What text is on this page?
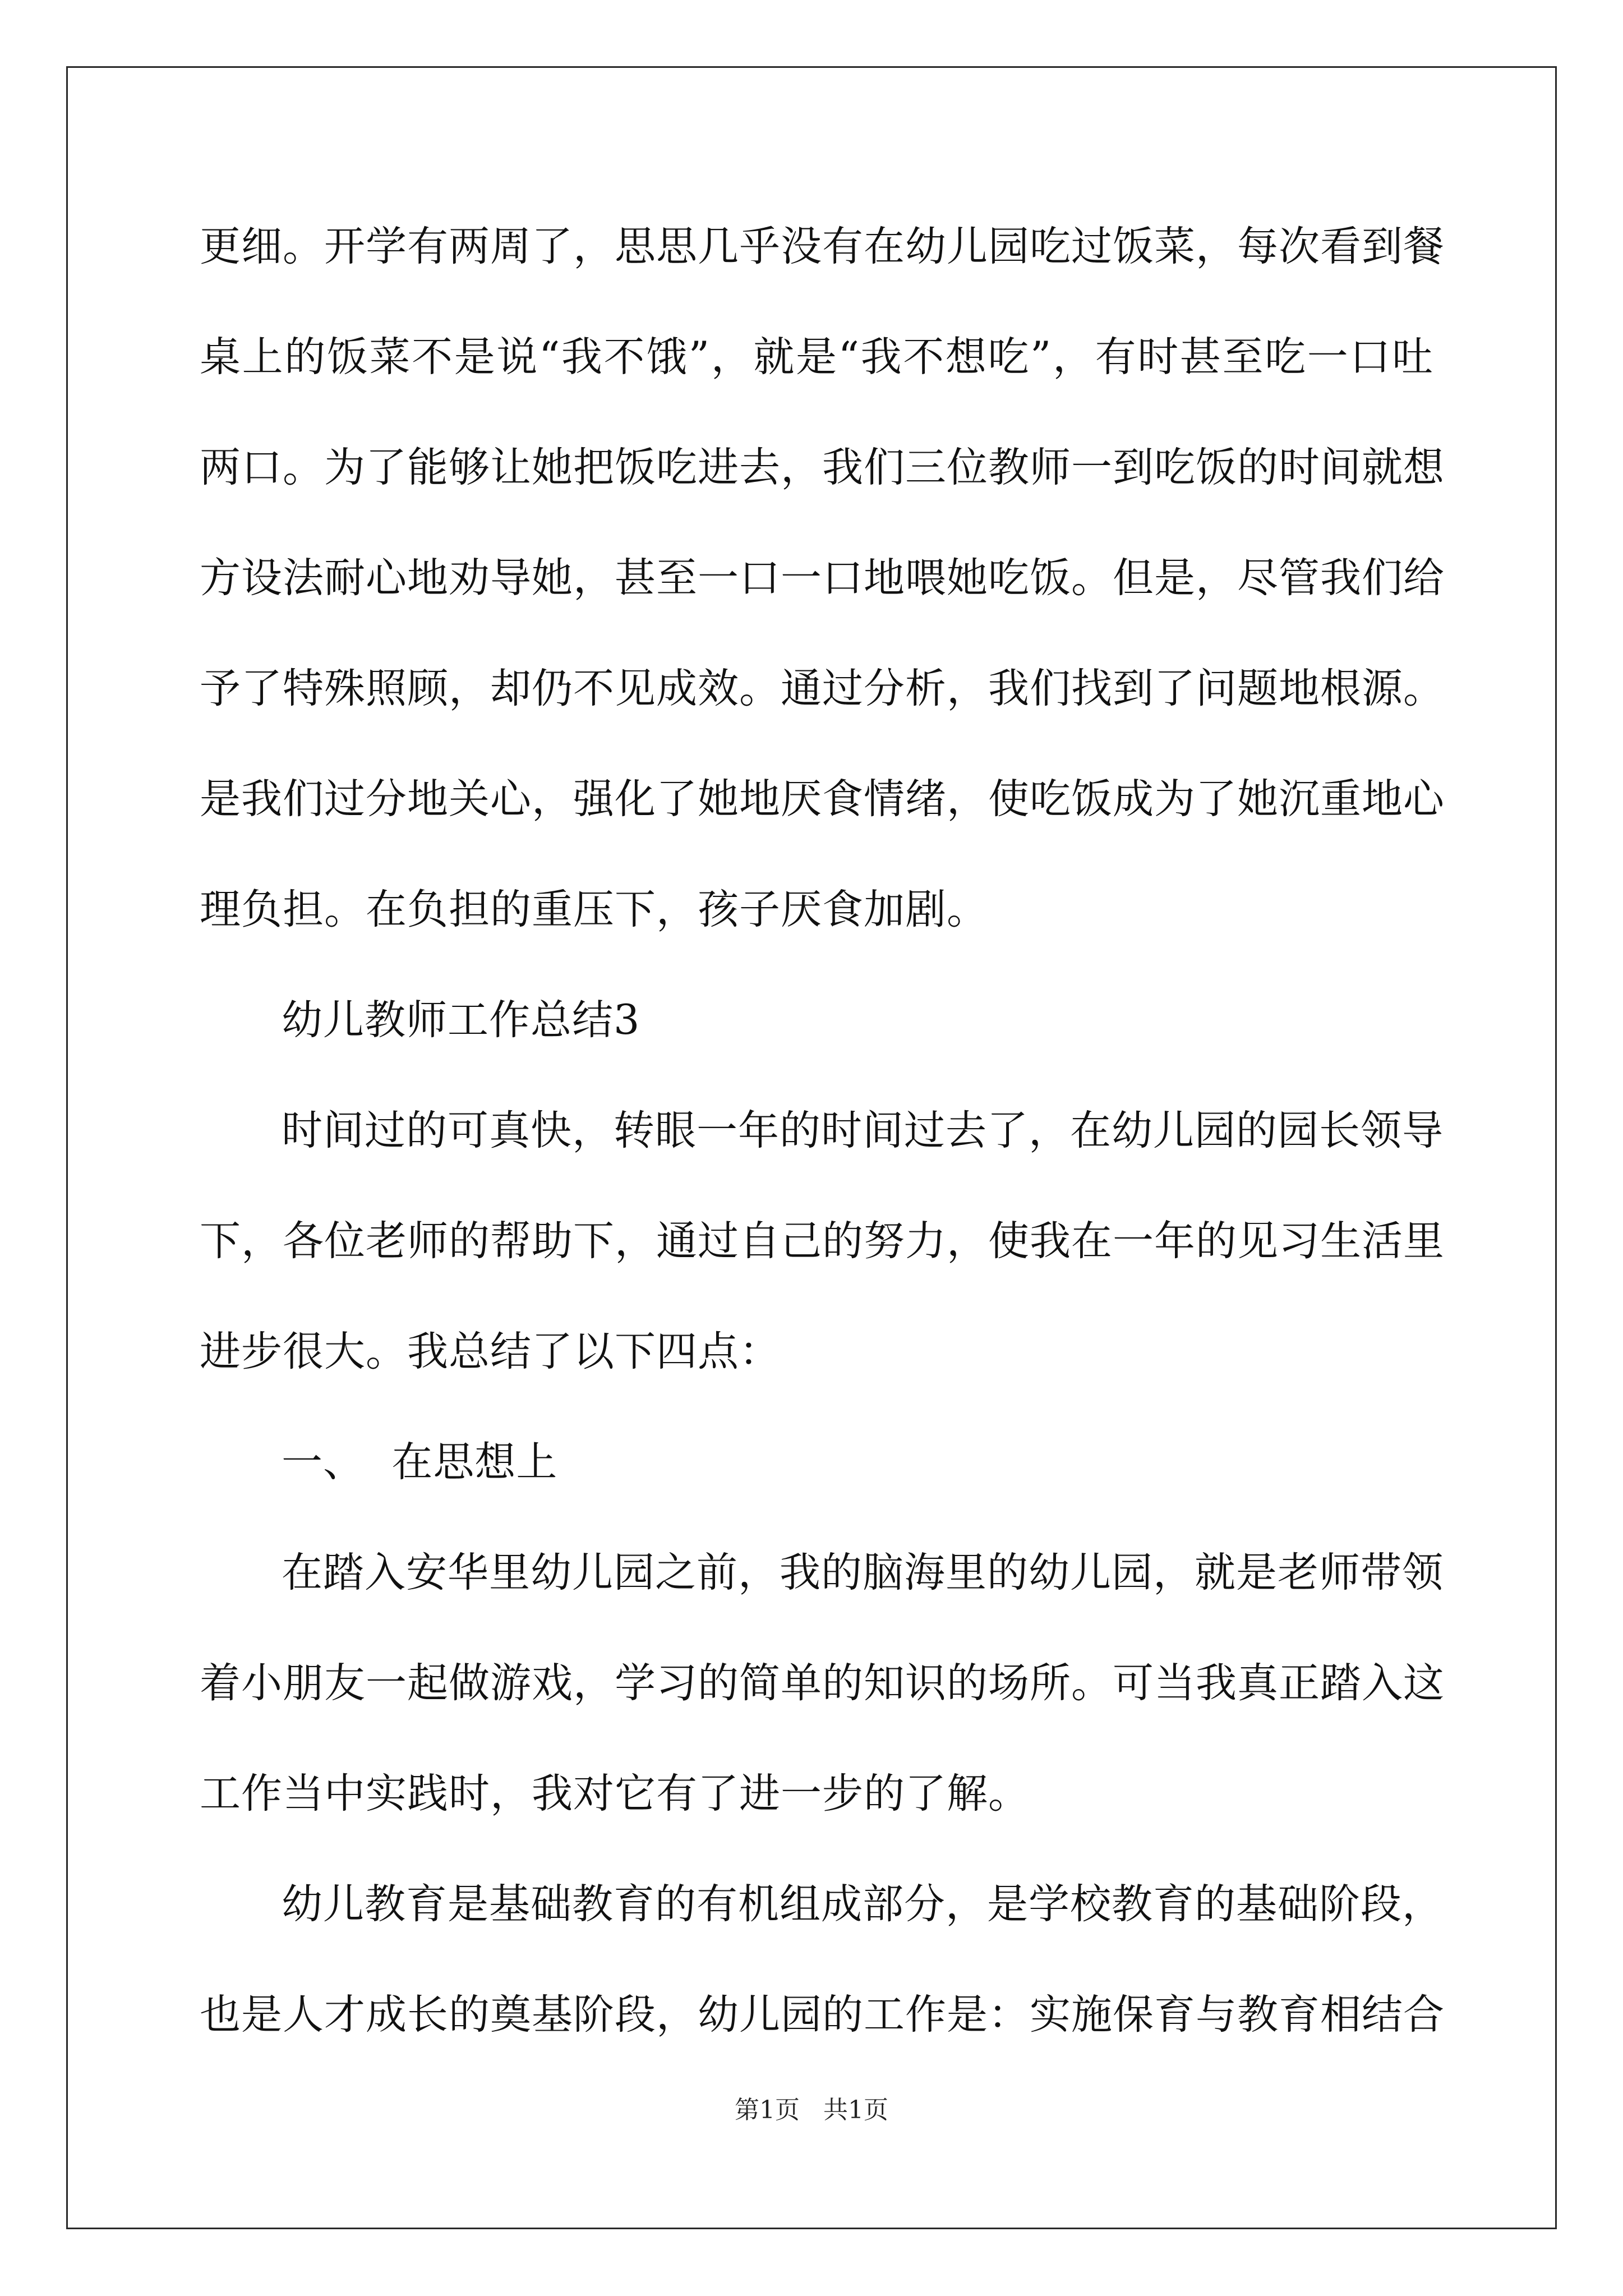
更细。开学有两周了，思思几乎没有在幼儿园吃过饭菜，每次看到餐
桌上的饭菜不是说“我不饿”，就是“我不想吃”，有时甚至吃一口吐
两口。为了能够让她把饭吃进去，我们三位教师一到吃饭的时间就想
方设法耐心地劝导她，甚至一口一口地喂她吃饭。但是，尽管我们给
予了特殊照顾，却仍不见成效。通过分析，我们找到了问题地根源。
是我们过分地关心，强化了她地厌食情绪，使吃饭成为了她沉重地心
理负担。在负担的重压下，孩子厌食加剧。
幼儿教师工作总结3
时间过的可真快，转眼一年的时间过去了，在幼儿园的园长领导
下，各位老师的帮助下，通过自己的努力，使我在一年的见习生活里
进步很大。我总结了以下四点：
一、  在思想上
在踏入安华里幼儿园之前，我的脑海里的幼儿园，就是老师带领
着小朋友一起做游戏，学习的简单的知识的场所。可当我真正踏入这
工作当中实践时，我对它有了进一步的了解。
幼儿教育是基础教育的有机组成部分，是学校教育的基础阶段，
也是人才成长的奠基阶段，幼儿园的工作是：实施保育与教育相结合
第1页   共1页
